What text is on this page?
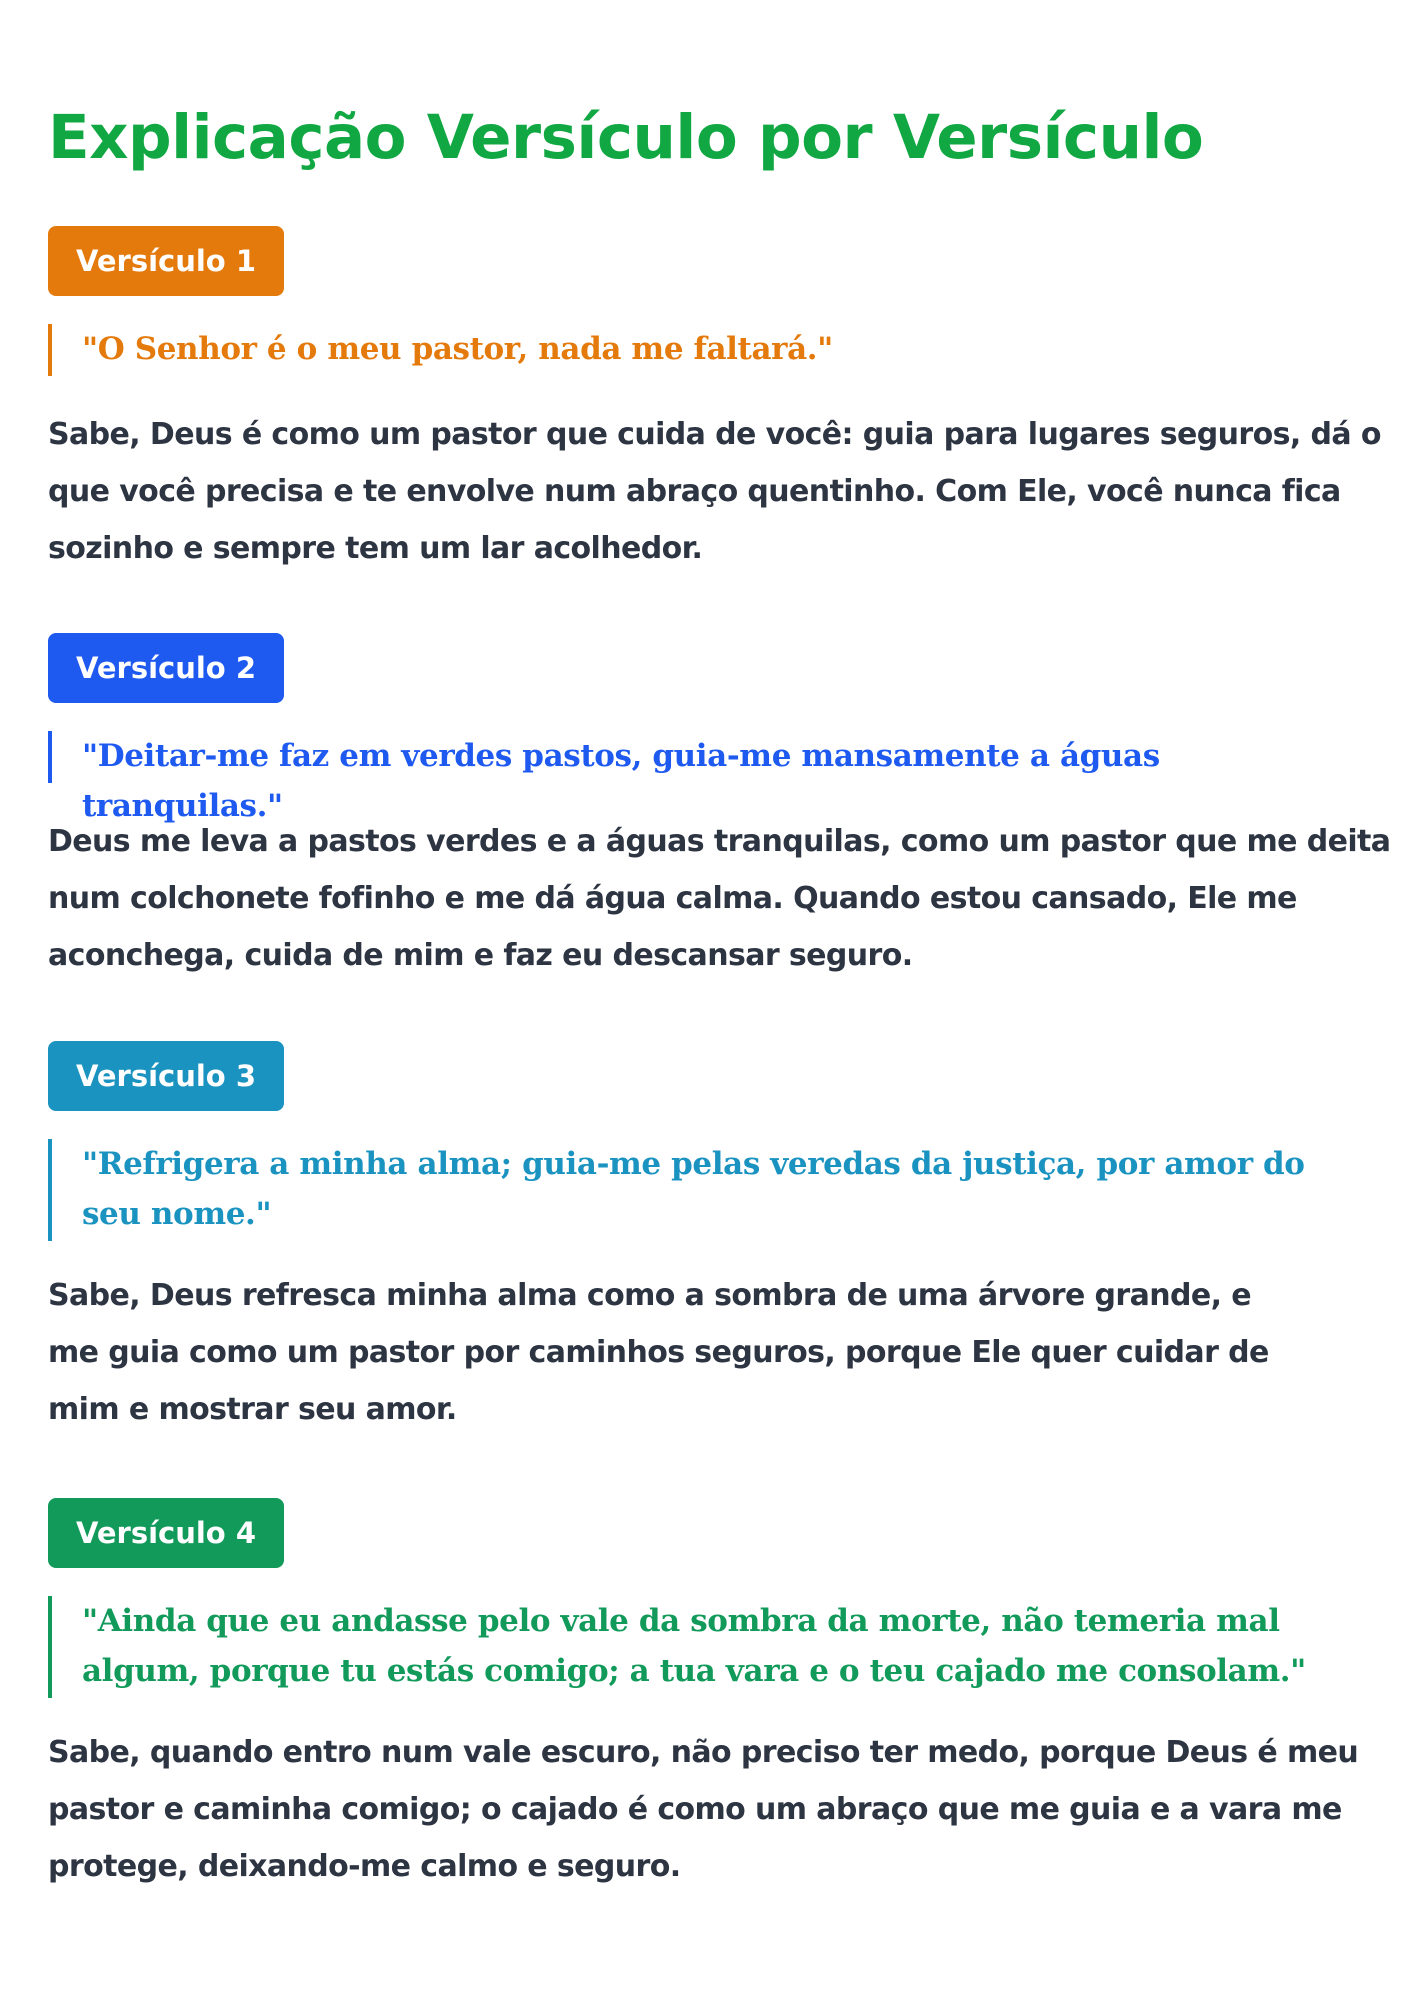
Explicação Versículo por Versículo
Versículo 1
"O Senhor é o meu pastor, nada me faltará."

Sabe, Deus é como um pastor que cuida de você: guia para lugares seguros, dá o que você precisa e te envolve num abraço quentinho. Com Ele, você nunca fica sozinho e sempre tem um lar acolhedor.

Versículo 2
"Deitar-me faz em verdes pastos, guia-me mansamente a águas tranquilas."

Deus me leva a pastos verdes e a águas tranquilas, como um pastor que me deita num colchonete fofinho e me dá água calma. Quando estou cansado, Ele me aconchega, cuida de mim e faz eu descansar seguro.

Versículo 3
"Refrigera a minha alma; guia-me pelas veredas da justiça, por amor do seu nome."

Sabe, Deus refresca minha alma como a sombra de uma árvore grande, e me guia como um pastor por caminhos seguros, porque Ele quer cuidar de mim e mostrar seu amor.

Versículo 4
"Ainda que eu andasse pelo vale da sombra da morte, não temeria mal algum, porque tu estás comigo; a tua vara e o teu cajado me consolam."

Sabe, quando entro num vale escuro, não preciso ter medo, porque Deus é meu pastor e caminha comigo; o cajado é como um abraço que me guia e a vara me protege, deixando-me calmo e seguro.
